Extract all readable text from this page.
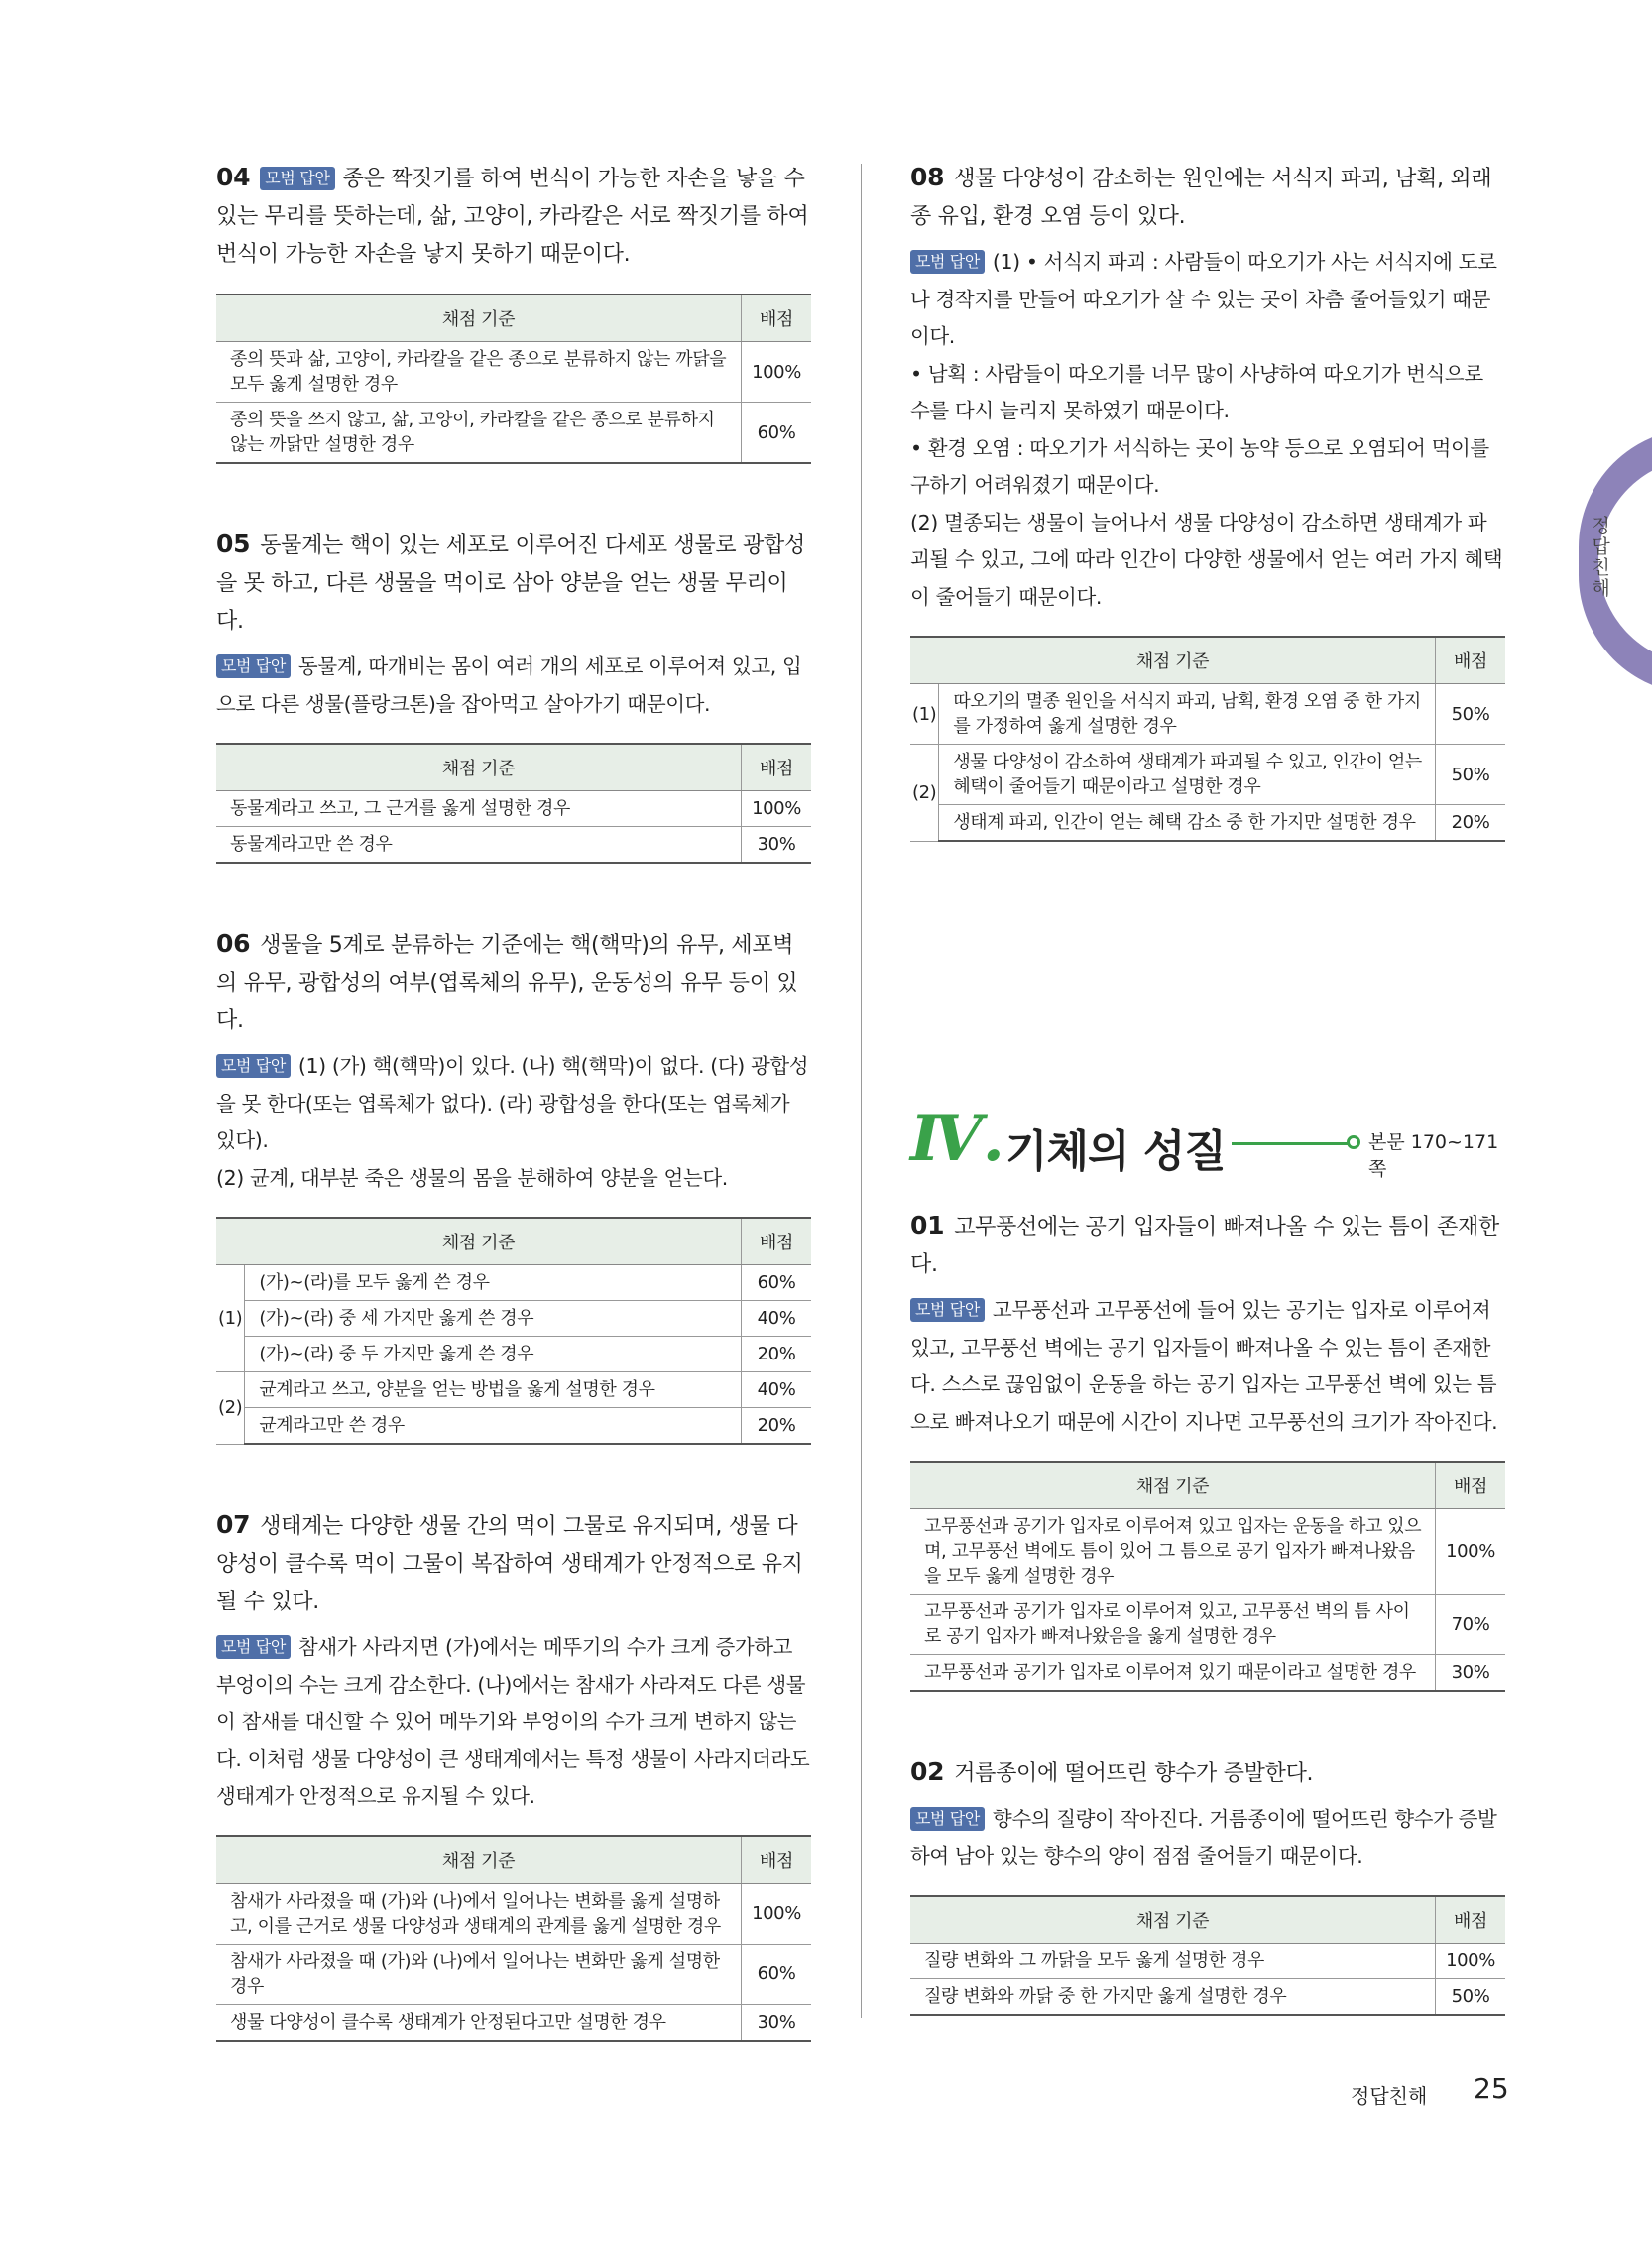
정답친해

04 모범 답안 종은 짝짓기를 하여 번식이 가능한 자손을 낳을 수 있는 무리를 뜻하는데, 삶, 고양이, 카라칼은 서로 짝짓기를 하여 번식이 가능한 자손을 낳지 못하기 때문이다.

채점 기준	배점
종의 뜻과 삶, 고양이, 카라칼을 같은 종으로 분류하지 않는 까닭을 모두 옳게 설명한 경우	100%
종의 뜻을 쓰지 않고, 삶, 고양이, 카라칼을 같은 종으로 분류하지 않는 까닭만 설명한 경우	60%

05 동물계는 핵이 있는 세포로 이루어진 다세포 생물로 광합성을 못 하고, 다른 생물을 먹이로 삼아 양분을 얻는 생물 무리이다.

모범 답안 동물계, 따개비는 몸이 여러 개의 세포로 이루어져 있고, 입으로 다른 생물(플랑크톤)을 잡아먹고 살아가기 때문이다.

채점 기준	배점
동물계라고 쓰고, 그 근거를 옳게 설명한 경우	100%
동물계라고만 쓴 경우	30%

06 생물을 5계로 분류하는 기준에는 핵(핵막)의 유무, 세포벽의 유무, 광합성의 여부(엽록체의 유무), 운동성의 유무 등이 있다.

모범 답안 (1) (가) 핵(핵막)이 있다. (나) 핵(핵막)이 없다. (다) 광합성을 못 한다(또는 엽록체가 없다). (라) 광합성을 한다(또는 엽록체가 있다).
(2) 균계, 대부분 죽은 생물의 몸을 분해하여 양분을 얻는다.

채점 기준		배점
(1)	(가)~(라)를 모두 옳게 쓴 경우	60%
	(가)~(라) 중 세 가지만 옳게 쓴 경우	40%
	(가)~(라) 중 두 가지만 옳게 쓴 경우	20%
(2)	균계라고 쓰고, 양분을 얻는 방법을 옳게 설명한 경우	40%
	균계라고만 쓴 경우	20%

07 생태계는 다양한 생물 간의 먹이 그물로 유지되며, 생물 다양성이 클수록 먹이 그물이 복잡하여 생태계가 안정적으로 유지될 수 있다.

모범 답안 참새가 사라지면 (가)에서는 메뚜기의 수가 크게 증가하고 부엉이의 수는 크게 감소한다. (나)에서는 참새가 사라져도 다른 생물이 참새를 대신할 수 있어 메뚜기와 부엉이의 수가 크게 변하지 않는다. 이처럼 생물 다양성이 큰 생태계에서는 특정 생물이 사라지더라도 생태계가 안정적으로 유지될 수 있다.

채점 기준	배점
참새가 사라졌을 때 (가)와 (나)에서 일어나는 변화를 옳게 설명하고, 이를 근거로 생물 다양성과 생태계의 관계를 옳게 설명한 경우	100%
참새가 사라졌을 때 (가)와 (나)에서 일어나는 변화만 옳게 설명한 경우	60%
생물 다양성이 클수록 생태계가 안정된다고만 설명한 경우	30%

08 생물 다양성이 감소하는 원인에는 서식지 파괴, 남획, 외래종 유입, 환경 오염 등이 있다.

모범 답안 (1) • 서식지 파괴 : 사람들이 따오기가 사는 서식지에 도로나 경작지를 만들어 따오기가 살 수 있는 곳이 차츰 줄어들었기 때문이다.
• 남획 : 사람들이 따오기를 너무 많이 사냥하여 따오기가 번식으로 수를 다시 늘리지 못하였기 때문이다.
• 환경 오염 : 따오기가 서식하는 곳이 농약 등으로 오염되어 먹이를 구하기 어려워졌기 때문이다.
(2) 멸종되는 생물이 늘어나서 생물 다양성이 감소하면 생태계가 파괴될 수 있고, 그에 따라 인간이 다양한 생물에서 얻는 여러 가지 혜택이 줄어들기 때문이다.

채점 기준		배점
(1)	따오기의 멸종 원인을 서식지 파괴, 남획, 환경 오염 중 한 가지를 가정하여 옳게 설명한 경우	50%
(2)	생물 다양성이 감소하여 생태계가 파괴될 수 있고, 인간이 얻는 혜택이 줄어들기 때문이라고 설명한 경우	50%
	생태계 파괴, 인간이 얻는 혜택 감소 중 한 가지만 설명한 경우	20%
Ⅳ. 기체의 성질	본문 170~171쪽

01 고무풍선에는 공기 입자들이 빠져나올 수 있는 틈이 존재한다.

모범 답안 고무풍선과 고무풍선에 들어 있는 공기는 입자로 이루어져 있고, 고무풍선 벽에는 공기 입자들이 빠져나올 수 있는 틈이 존재한다. 스스로 끊임없이 운동을 하는 공기 입자는 고무풍선 벽에 있는 틈으로 빠져나오기 때문에 시간이 지나면 고무풍선의 크기가 작아진다.

채점 기준	배점
고무풍선과 공기가 입자로 이루어져 있고 입자는 운동을 하고 있으며, 고무풍선 벽에도 틈이 있어 그 틈으로 공기 입자가 빠져나왔음을 모두 옳게 설명한 경우	100%
고무풍선과 공기가 입자로 이루어져 있고, 고무풍선 벽의 틈 사이로 공기 입자가 빠져나왔음을 옳게 설명한 경우	70%
고무풍선과 공기가 입자로 이루어져 있기 때문이라고 설명한 경우	30%

02 거름종이에 떨어뜨린 향수가 증발한다.

모범 답안 향수의 질량이 작아진다. 거름종이에 떨어뜨린 향수가 증발하여 남아 있는 향수의 양이 점점 줄어들기 때문이다.

채점 기준	배점
질량 변화와 그 까닭을 모두 옳게 설명한 경우	100%
질량 변화와 까닭 중 한 가지만 옳게 설명한 경우	50%
정답친해 25
